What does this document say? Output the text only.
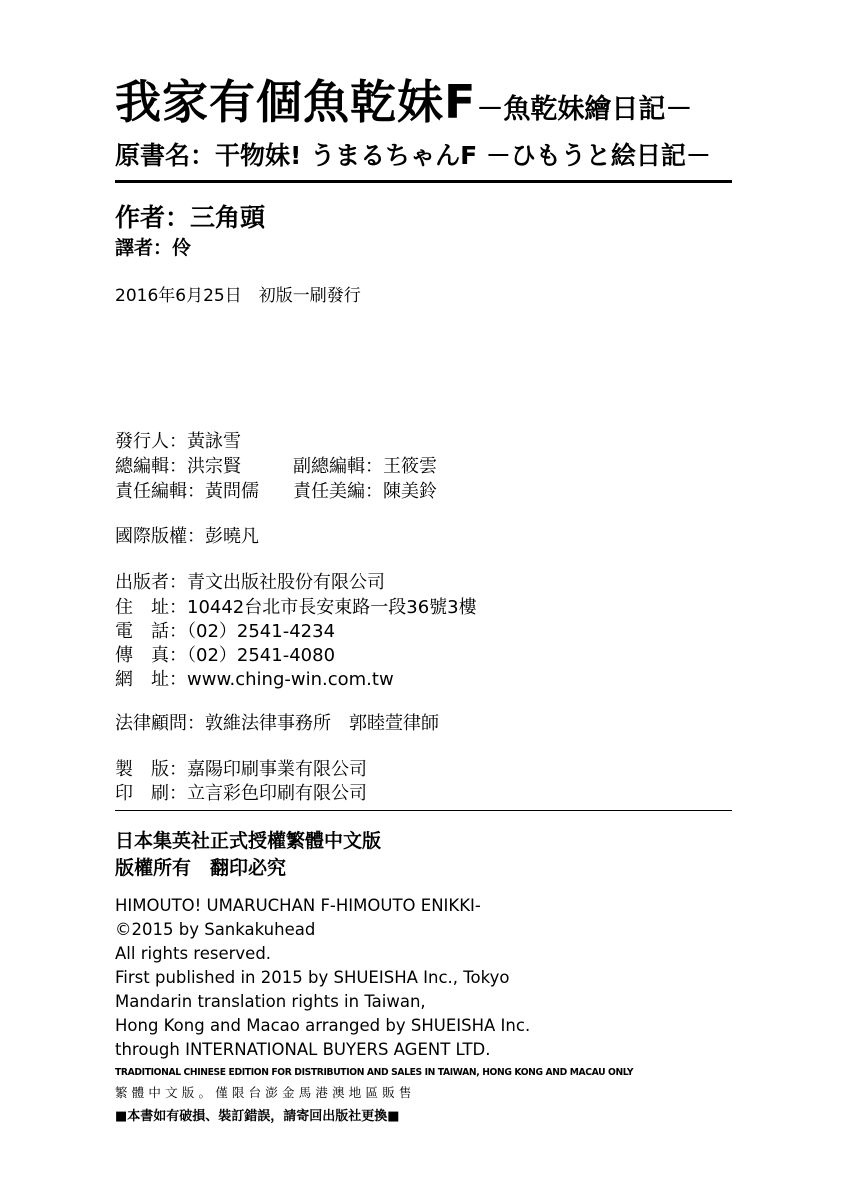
我家有個魚乾妹F－魚乾妹繪日記－
原書名：干物妹! うまるちゃんF －ひもうと絵日記－
作者：三角頭
譯者：伶
2016年6月25日　初版一刷發行
發行人：黃詠雪
總編輯：洪宗賢	副總編輯：王筱雲
責任編輯：黃問儒 責任美編：陳美鈴
國際版權：彭曉凡
出版者：青文出版社股份有限公司
住　址：10442台北市長安東路一段36號3樓
電　話：（02）2541-4234
傳　真：（02）2541-4080
網　址：www.ching-win.com.tw
法律顧問：敦維法律事務所　郭睦萱律師
製　版：嘉陽印刷事業有限公司
印　刷：立言彩色印刷有限公司
日本集英社正式授權繁體中文版
版權所有　翻印必究
HIMOUTO! UMARUCHAN F-HIMOUTO ENIKKI-
©2015 by Sankakuhead
All rights reserved.
First published in 2015 by SHUEISHA Inc., Tokyo
Mandarin translation rights in Taiwan,
Hong Kong and Macao arranged by SHUEISHA Inc.
through INTERNATIONAL BUYERS AGENT LTD.
TRADITIONAL CHINESE EDITION FOR DISTRIBUTION AND SALES IN TAIWAN, HONG KONG AND MACAU ONLY
繁體中文版。僅限台澎金馬港澳地區販售
■本書如有破損、裝訂錯誤，請寄回出版社更換■
